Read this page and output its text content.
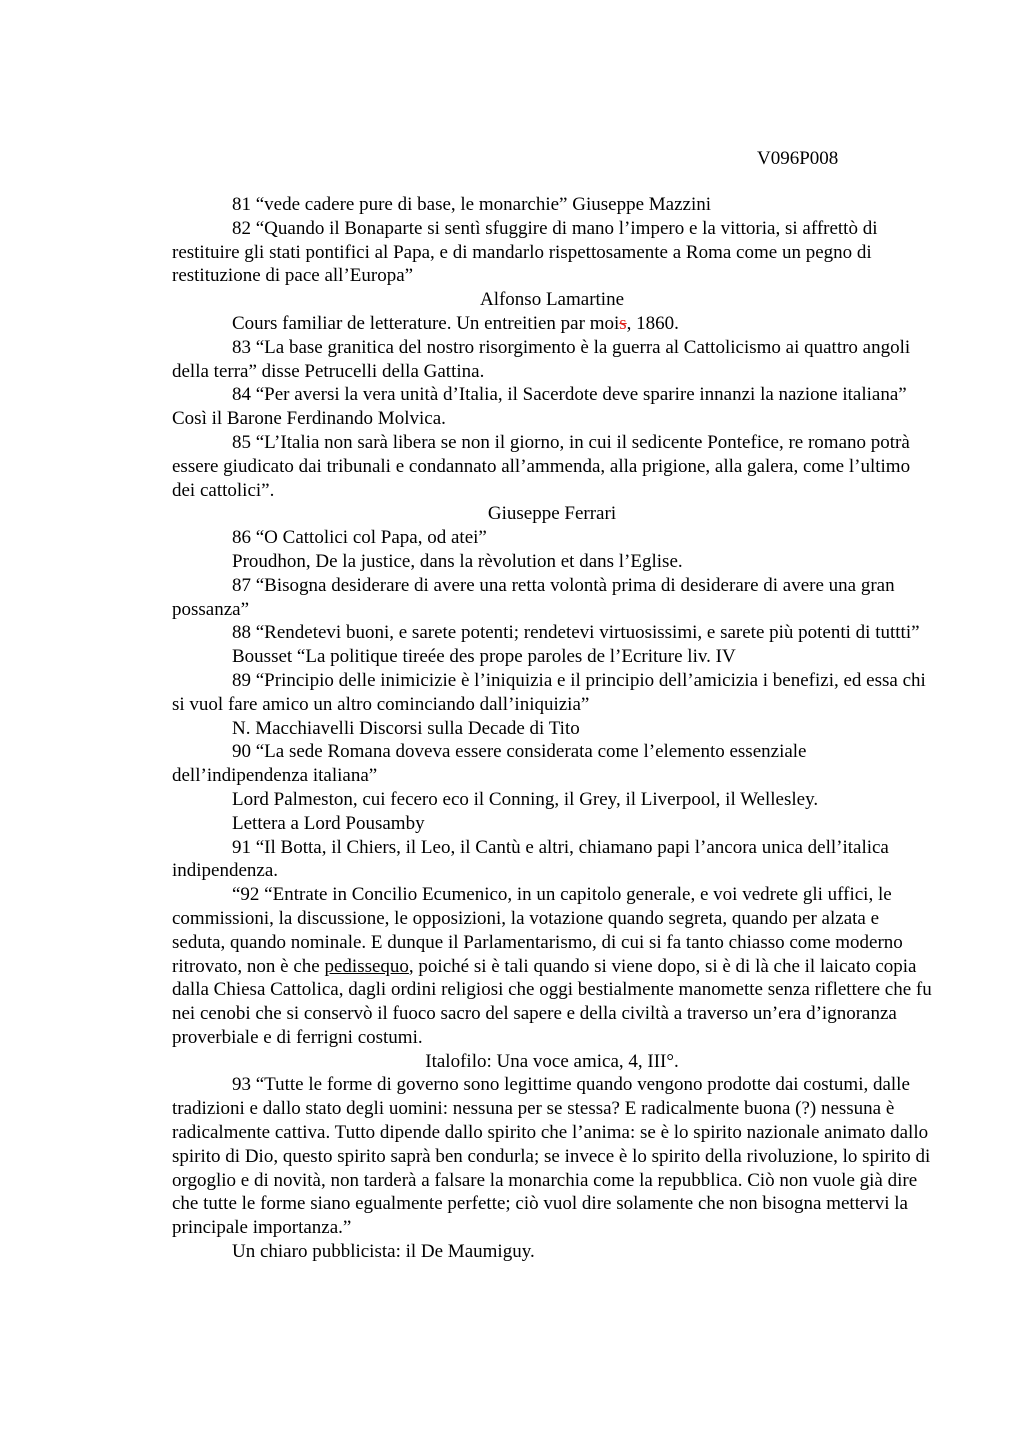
V096P008

81 “vede cadere pure di base, le monarchie” Giuseppe Mazzini

82 “Quando il Bonaparte si sentì sfuggire di mano l’impero e la vittoria, si affrettò di restituire gli stati pontifici al Papa, e di mandarlo rispettosamente a Roma come un pegno di restituzione di pace all’Europa”

Alfonso Lamartine

Cours familiar de letterature. Un entreitien par mois, 1860.

83 “La base granitica del nostro risorgimento è la guerra al Cattolicismo ai quattro angoli della terra” disse Petrucelli della Gattina.

84 “Per aversi la vera unità d’Italia, il Sacerdote deve sparire innanzi la nazione italiana” Così il Barone Ferdinando Molvica.

85 “L’Italia non sarà libera se non il giorno, in cui il sedicente Pontefice, re romano potrà essere giudicato dai tribunali e condannato all’ammenda, alla prigione, alla galera, come l’ultimo dei cattolici”.

Giuseppe Ferrari

86 “O Cattolici col Papa, od atei”

Proudhon, De la justice, dans la rèvolution et dans l’Eglise.

87 “Bisogna desiderare di avere una retta volontà prima di desiderare di avere una gran possanza”

88 “Rendetevi buoni, e sarete potenti; rendetevi virtuosissimi, e sarete più potenti di tuttti”

Bousset “La politique tireée des prope paroles de l’Ecriture liv. IV

89 “Principio delle inimicizie è l’iniquizia e il principio dell’amicizia i benefizi, ed essa chi si vuol fare amico un altro cominciando dall’iniquizia”

N. Macchiavelli Discorsi sulla Decade di Tito

90 “La sede Romana doveva essere considerata come l’elemento essenziale dell’indipendenza italiana”

Lord Palmeston, cui fecero eco il Conning, il Grey, il Liverpool, il Wellesley.

Lettera a Lord Pousamby

91 “Il Botta, il Chiers, il Leo, il Cantù e altri, chiamano papi l’ancora unica dell’italica indipendenza.

“92 “Entrate in Concilio Ecumenico, in un capitolo generale, e voi vedrete gli uffici, le commissioni, la discussione, le opposizioni, la votazione quando segreta, quando per alzata e seduta, quando nominale. E dunque il Parlamentarismo, di cui si fa tanto chiasso come moderno ritrovato, non è che pedissequo, poiché si è tali quando si viene dopo, si è di là che il laicato copia dalla Chiesa Cattolica, dagli ordini religiosi che oggi bestialmente manomette senza riflettere che fu nei cenobi che si conservò il fuoco sacro del sapere e della civiltà a traverso un’era d’ignoranza proverbiale e di ferrigni costumi.

Italofilo: Una voce amica, 4, III°.

93 “Tutte le forme di governo sono legittime quando vengono prodotte dai costumi, dalle tradizioni e dallo stato degli uomini: nessuna per se stessa? E radicalmente buona (?) nessuna è radicalmente cattiva. Tutto dipende dallo spirito che l’anima: se è lo spirito nazionale animato dallo spirito di Dio, questo spirito saprà ben condurla; se invece è lo spirito della rivoluzione, lo spirito di orgoglio e di novità, non tarderà a falsare la monarchia come la repubblica. Ciò non vuole già dire che tutte le forme siano egualmente perfette; ciò vuol dire solamente che non bisogna mettervi la principale importanza.”

Un chiaro pubblicista: il De Maumiguy.
